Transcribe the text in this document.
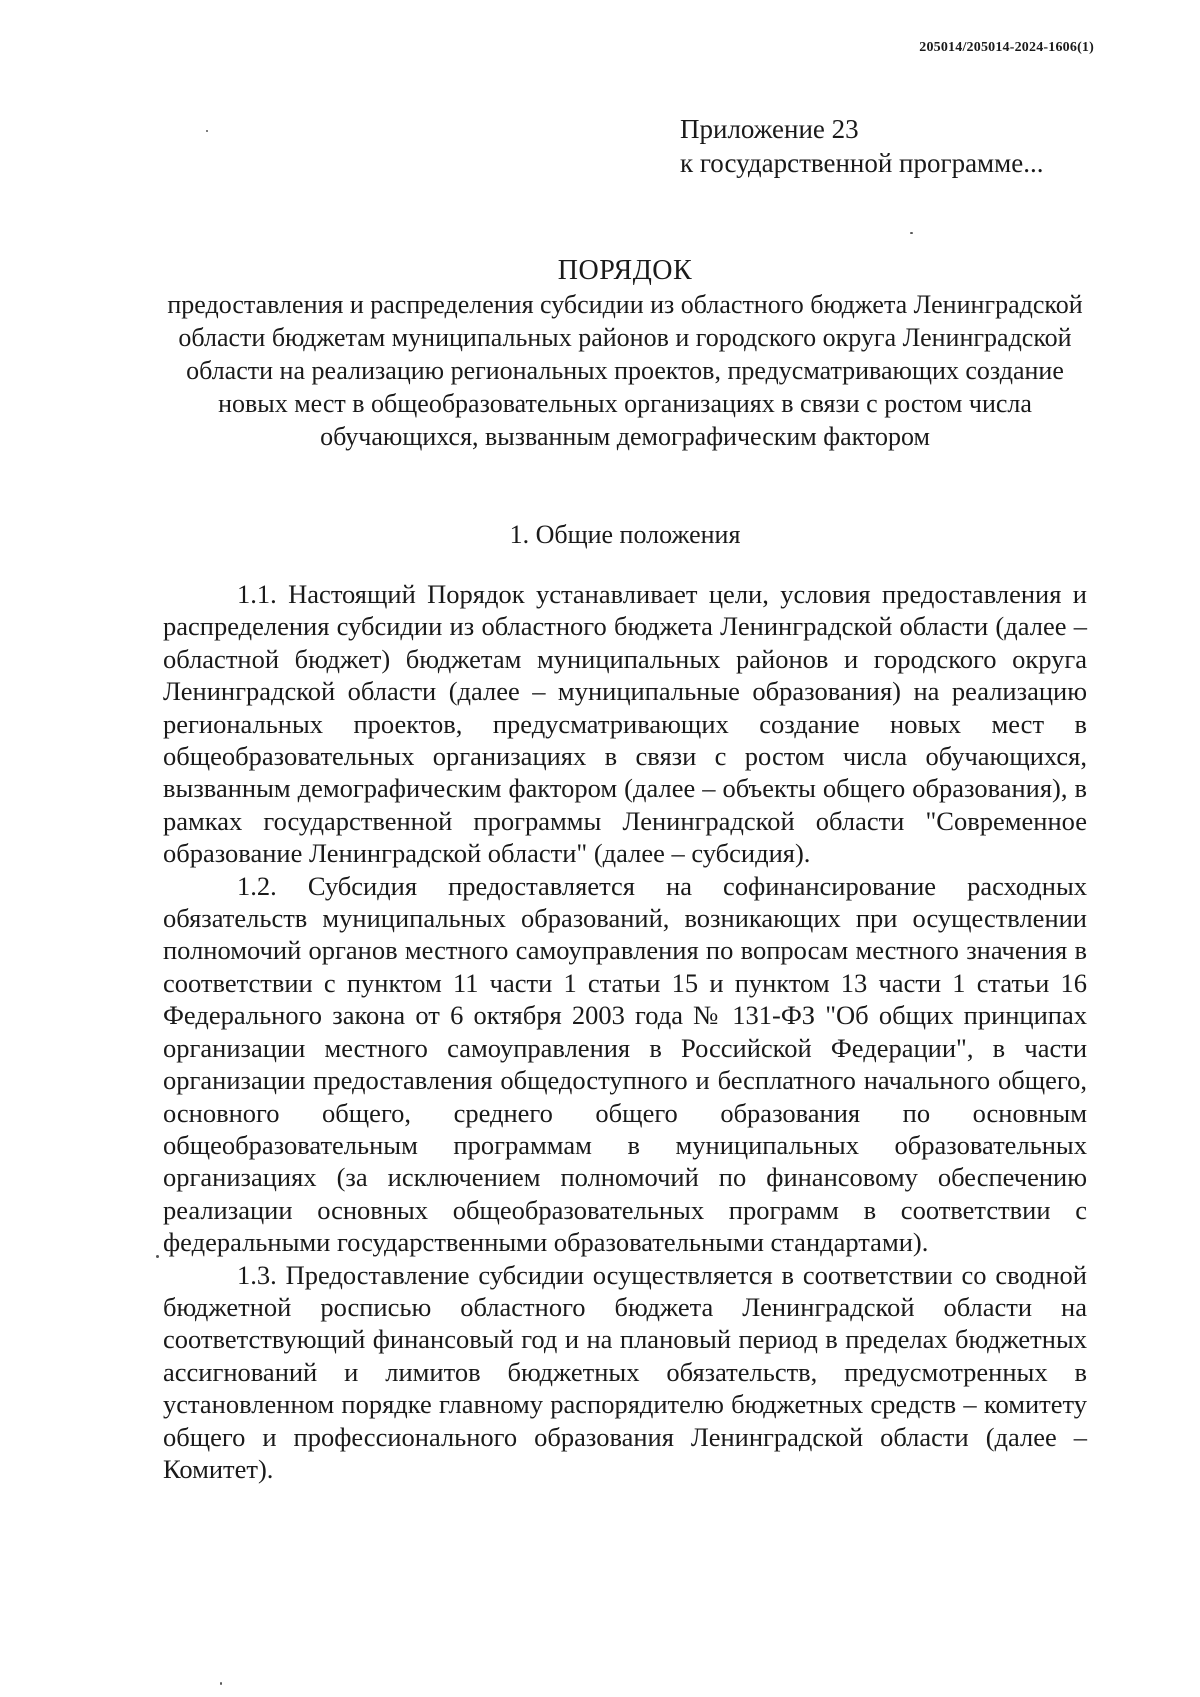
205014/205014-2024-1606(1)
Приложение 23
к государственной программе...
ПОРЯДОК
предоставления и распределения субсидии из областного бюджета Ленинградской области бюджетам муниципальных районов и городского округа Ленинградской области на реализацию региональных проектов, предусматривающих создание новых мест в общеобразовательных организациях в связи с ростом числа обучающихся, вызванным демографическим фактором
1. Общие положения

1.1. Настоящий Порядок устанавливает цели, условия предоставления и распределения субсидии из областного бюджета Ленинградской области (далее – областной бюджет) бюджетам муниципальных районов и городского округа Ленинградской области (далее – муниципальные образования) на реализацию региональных проектов, предусматривающих создание новых мест в общеобразовательных организациях в связи с ростом числа обучающихся, вызванным демографическим фактором (далее – объекты общего образования), в рамках государственной программы Ленинградской области "Современное образование Ленинградской области" (далее – субсидия).

1.2. Субсидия предоставляется на софинансирование расходных обязательств муниципальных образований, возникающих при осуществлении полномочий органов местного самоуправления по вопросам местного значения в соответствии с пунктом 11 части 1 статьи 15 и пунктом 13 части 1 статьи 16 Федерального закона от 6 октября 2003 года № 131-ФЗ "Об общих принципах организации местного самоуправления в Российской Федерации", в части организации предоставления общедоступного и бесплатного начального общего, основного общего, среднего общего образования по основным общеобразовательным программам в муниципальных образовательных организациях (за исключением полномочий по финансовому обеспечению реализации основных общеобразовательных программ в соответствии с федеральными государственными образовательными стандартами).

1.3. Предоставление субсидии осуществляется в соответствии со сводной бюджетной росписью областного бюджета Ленинградской области на соответствующий финансовый год и на плановый период в пределах бюджетных ассигнований и лимитов бюджетных обязательств, предусмотренных в установленном порядке главному распорядителю бюджетных средств – комитету общего и профессионального образования Ленинградской области (далее – Комитет).
